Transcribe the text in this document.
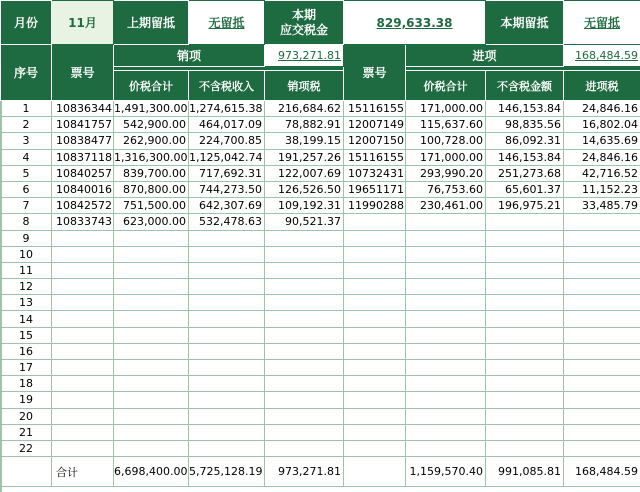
月份	11月	上期留抵	无留抵	本期
应交税金	829,633.38		本期留抵	无留抵
序号	票号	销项		973,271.81	票号	进项		168,484.59

		价税合计	不含税收入	销项税		价税合计	不含税金额	进项税
1	10836344	1,491,300.00	1,274,615.38	216,684.62	15116155	171,000.00	146,153.84	24,846.16
2	10841757	542,900.00	464,017.09	78,882.91	12007149	115,637.60	98,835.56	16,802.04
3	10838477	262,900.00	224,700.85	38,199.15	12007150	100,728.00	86,092.31	14,635.69
4	10837118	1,316,300.00	1,125,042.74	191,257.26	15116155	171,000.00	146,153.84	24,846.16
5	10840257	839,700.00	717,692.31	122,007.69	10732431	293,990.20	251,273.68	42,716.52
6	10840016	870,800.00	744,273.50	126,526.50	19651171	76,753.60	65,601.37	11,152.23
7	10842572	751,500.00	642,307.69	109,192.31	11990288	230,461.00	196,975.21	33,485.79
8	10833743	623,000.00	532,478.63	90,521.37				
9								
10								
11								
12								
13								
14								
15								
16								
17								
18								
19								
20								
21								
22								
	合计	6,698,400.00	5,725,128.19	973,271.81		1,159,570.40	991,085.81	168,484.59
